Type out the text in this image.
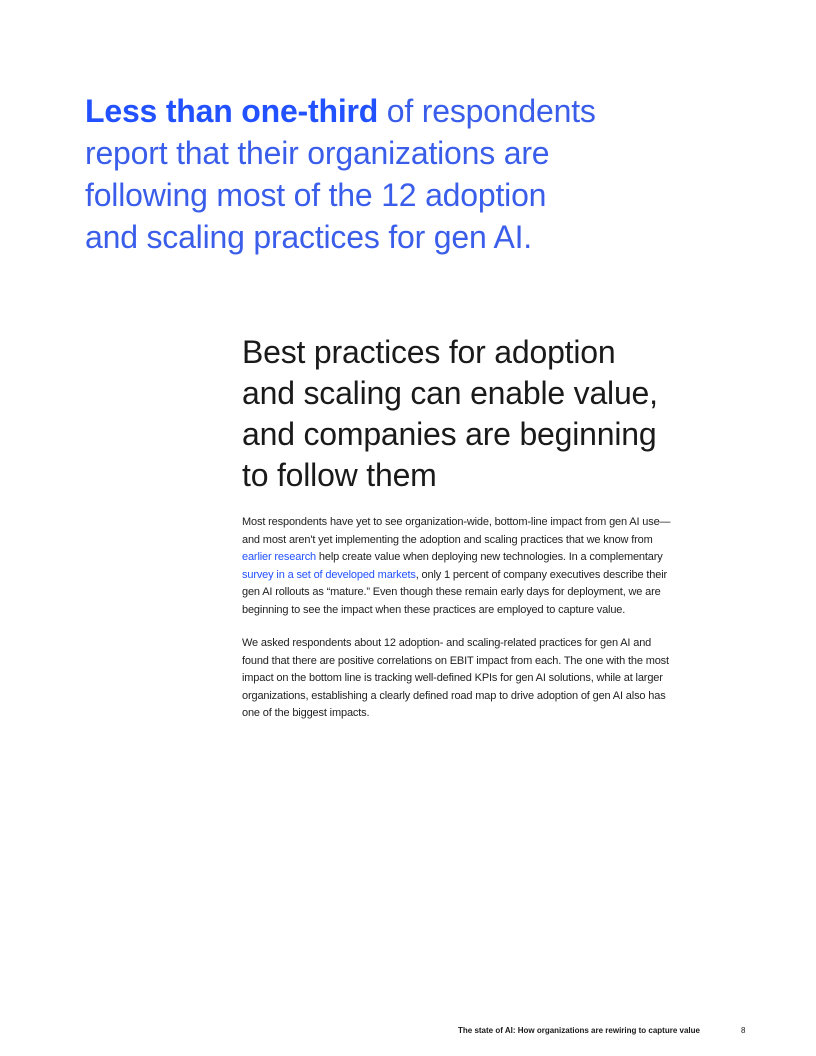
Less than one-third of respondents
report that their organizations are
following most of the 12 adoption
and scaling practices for gen AI.
Best practices for adoption
and scaling can enable value,
and companies are beginning
to follow them

Most respondents have yet to see organization-wide, bottom-line impact from gen AI use—
and most aren't yet implementing the adoption and scaling practices that we know from
earlier research help create value when deploying new technologies. In a complementary
survey in a set of developed markets, only 1 percent of company executives describe their
gen AI rollouts as “mature.” Even though these remain early days for deployment, we are
beginning to see the impact when these practices are employed to capture value.

We asked respondents about 12 adoption- and scaling-related practices for gen AI and
found that there are positive correlations on EBIT impact from each. The one with the most
impact on the bottom line is tracking well-defined KPIs for gen AI solutions, while at larger
organizations, establishing a clearly defined road map to drive adoption of gen AI also has
one of the biggest impacts.

The state of AI: How organizations are rewiring to capture value	8
